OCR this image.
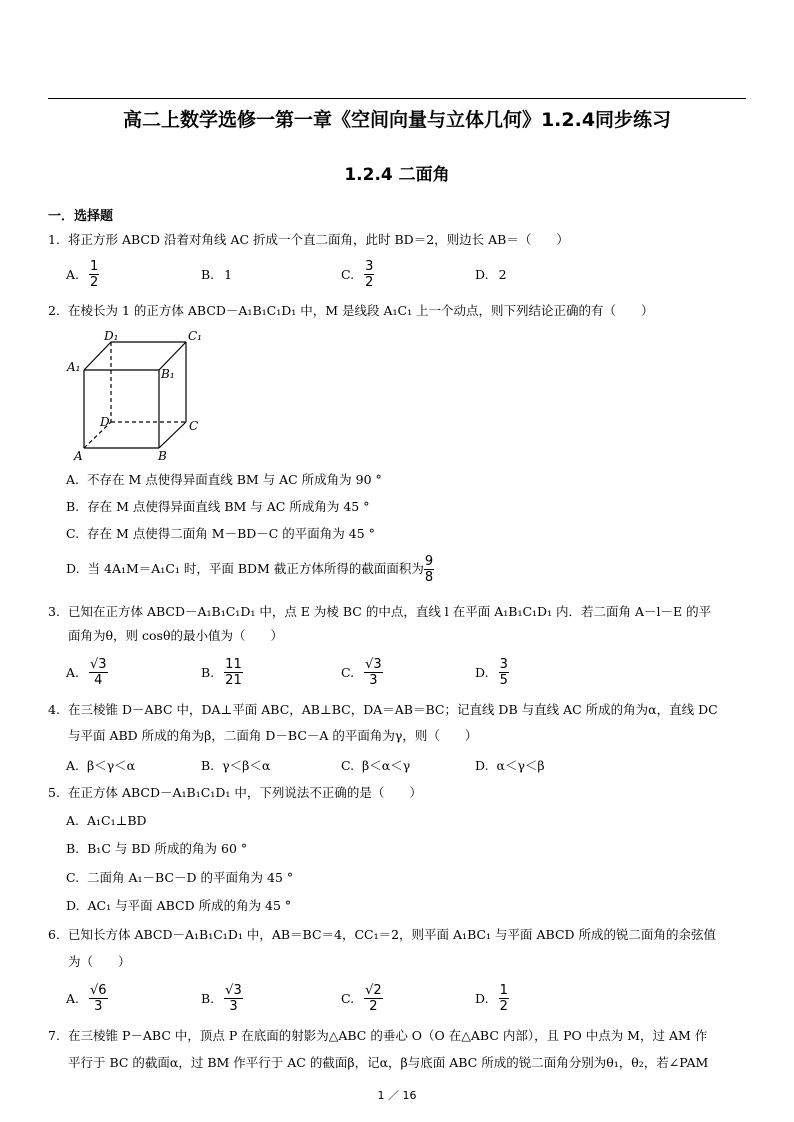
高二上数学选修一第一章《空间向量与立体几何》1.2.4同步练习
1.2.4 二面角
一．选择题
1. 将正方形 ABCD 沿着对角线 AC 折成一个直二面角，此时 BD＝2，则边长 AB＝（　　）
A. $\frac{1}{2}$	B. 1	C. $\frac{3}{2}$	D. 2
2. 在棱长为 1 的正方体 ABCD－A₁B₁C₁D₁ 中，M 是线段 A₁C₁ 上一个动点，则下列结论正确的有（　　）
D₁	C₁
A₁	B₁
D	C
A	B
A. 不存在 M 点使得异面直线 BM 与 AC 所成角为 90 °
B. 存在 M 点使得异面直线 BM 与 AC 所成角为 45 °
C. 存在 M 点使得二面角 M－BD－C 的平面角为 45 °
D.
当 4A₁M＝A₁C₁ 时，平面 BDM 截正方体所得的截面面积为 $\frac{9}{8}$
3. 已知在正方体 ABCD－A₁B₁C₁D₁ 中，点 E 为棱 BC 的中点，直线 l 在平面 A₁B₁C₁D₁ 内．若二面角 A－l－E 的平
面角为θ，则 cosθ的最小值为（　　）
A. $\frac{√3}{4}$	B. $\frac{11}{21}$	C. $\frac{√3}{3}$	D. $\frac{3}{5}$
4. 在三棱锥 D－ABC 中，DA⊥平面 ABC，AB⊥BC，DA＝AB＝BC；记直线 DB 与直线 AC 所成的角为α，直线 DC
与平面 ABD 所成的角为β，二面角 D－BC－A 的平面角为γ，则（　　）
A. β＜γ＜α	B. γ＜β＜α	C. β＜α＜γ	D. α＜γ＜β
5. 在正方体 ABCD－A₁B₁C₁D₁ 中，下列说法不正确的是（　　）
A. A₁C₁⊥BD
B. B₁C 与 BD 所成的角为 60 °
C. 二面角 A₁－BC－D 的平面角为 45 °
D. AC₁ 与平面 ABCD 所成的角为 45 °
6. 已知长方体 ABCD－A₁B₁C₁D₁ 中，AB＝BC＝4，CC₁＝2，则平面 A₁BC₁ 与平面 ABCD 所成的锐二面角的余弦值
为（　　）
A. $\frac{√6}{3}$	B. $\frac{√3}{3}$	C. $\frac{√2}{2}$	D. $\frac{1}{2}$
7. 在三棱锥 P－ABC 中，顶点 P 在底面的射影为△ABC 的垂心 O（O 在△ABC 内部），且 PO 中点为 M，过 AM 作
平行于 BC 的截面α，过 BM 作平行于 AC 的截面β，记α，β与底面 ABC 所成的锐二面角分别为θ₁，θ₂，若∠PAM
1 ／ 16
